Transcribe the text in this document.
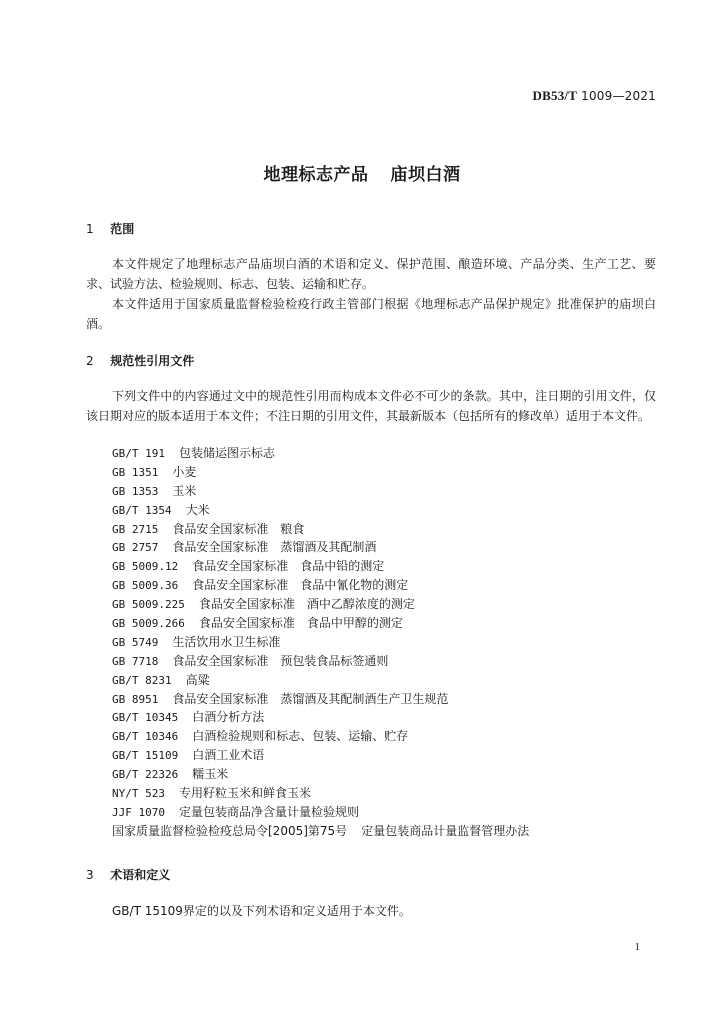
DB53/T 1009—2021
地理标志产品 庙坝白酒
1 范围
本文件规定了地理标志产品庙坝白酒的术语和定义、保护范围、酿造环境、产品分类、生产工艺、要求、试验方法、检验规则、标志、包装、运输和贮存。
本文件适用于国家质量监督检验检疫行政主管部门根据《地理标志产品保护规定》批准保护的庙坝白酒。
2 规范性引用文件
下列文件中的内容通过文中的规范性引用而构成本文件必不可少的条款。其中，注日期的引用文件，仅该日期对应的版本适用于本文件；不注日期的引用文件，其最新版本（包括所有的修改单）适用于本文件。
GB/T 191 包装储运图示标志
GB 1351 小麦
GB 1353 玉米
GB/T 1354 大米
GB 2715 食品安全国家标准　粮食
GB 2757 食品安全国家标准　蒸馏酒及其配制酒
GB 5009.12 食品安全国家标准　食品中铅的测定
GB 5009.36 食品安全国家标准　食品中氰化物的测定
GB 5009.225 食品安全国家标准　酒中乙醇浓度的测定
GB 5009.266 食品安全国家标准　食品中甲醇的测定
GB 5749 生活饮用水卫生标准
GB 7718 食品安全国家标准　预包装食品标签通则
GB/T 8231 高粱
GB 8951 食品安全国家标准　蒸馏酒及其配制酒生产卫生规范
GB/T 10345 白酒分析方法
GB/T 10346 白酒检验规则和标志、包装、运输、贮存
GB/T 15109 白酒工业术语
GB/T 22326 糯玉米
NY/T 523 专用籽粒玉米和鲜食玉米
JJF 1070 定量包装商品净含量计量检验规则
国家质量监督检验检疫总局令[2005]第75号 定量包装商品计量监督管理办法
3 术语和定义
GB/T 15109界定的以及下列术语和定义适用于本文件。
1
